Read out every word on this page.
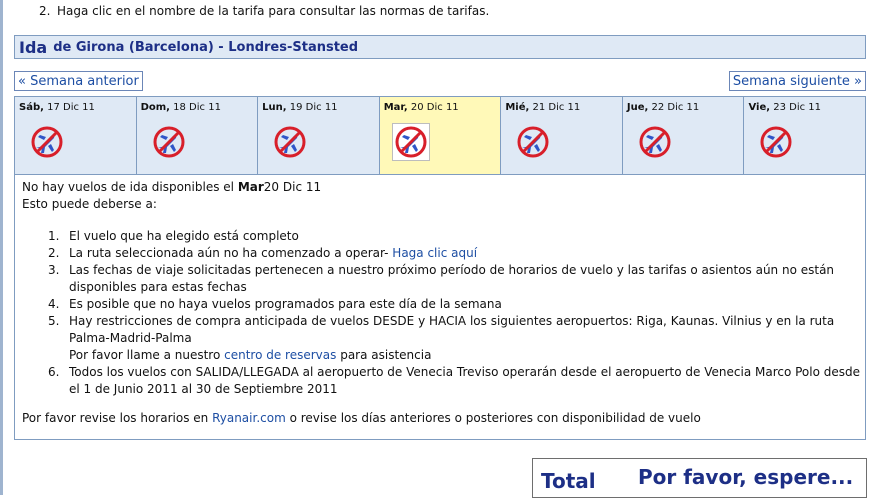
2. Haga clic en el nombre de la tarifa para consultar las normas de tarifas.
Ida de Girona (Barcelona) - Londres-Stansted
« Semana anterior	Semana siguiente »
Sáb, 17 Dic 11	Dom, 18 Dic 11	Lun, 19 Dic 11	Mar, 20 Dic 11	Mié, 21 Dic 11	Jue, 22 Dic 11	Vie, 23 Dic 11
No hay vuelos de ida disponibles el Mar20 Dic 11
Esto puede deberse a:
1. El vuelo que ha elegido está completo
2. La ruta seleccionada aún no ha comenzado a operar- Haga clic aquí
3. Las fechas de viaje solicitadas pertenecen a nuestro próximo período de horarios de vuelo y las tarifas o asientos aún no están disponibles para estas fechas
4. Es posible que no haya vuelos programados para este día de la semana
5. Hay restricciones de compra anticipada de vuelos DESDE y HACIA los siguientes aeropuertos: Riga, Kaunas. Vilnius y en la ruta Palma-Madrid-Palma
Por favor llame a nuestro centro de reservas para asistencia
6. Todos los vuelos con SALIDA/LLEGADA al aeropuerto de Venecia Treviso operarán desde el aeropuerto de Venecia Marco Polo desde el 1 de Junio 2011 al 30 de Septiembre 2011
Por favor revise los horarios en Ryanair.com o revise los días anteriores o posteriores con disponibilidad de vuelo
Total Por favor, espere...
